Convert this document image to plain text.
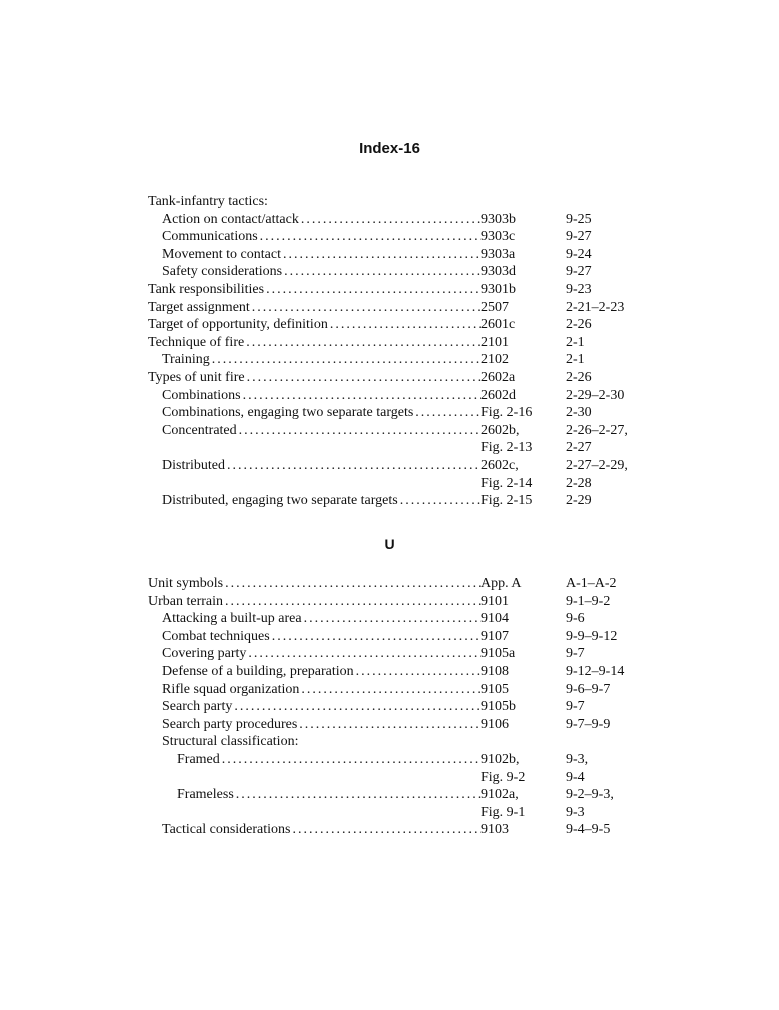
Index-16
Tank-infantry tactics:
Action on contact/attack .....	9303b	9-25
Communications .....	9303c	9-27
Movement to contact .....	9303a	9-24
Safety considerations .....	9303d	9-27
Tank responsibilities .....	9301b	9-23
Target assignment .....	2507	2-21–2-23
Target of opportunity, definition .....	2601c	2-26
Technique of fire .....	2101	2-1
Training .....	2102	2-1
Types of unit fire .....	2602a	2-26
Combinations .....	2602d	2-29–2-30
Combinations, engaging two separate targets .....	Fig. 2-16 2-30
Concentrated .....	2602b,	2-26–2-27,
Fig. 2-13 2-27
Distributed .....	2602c,	2-27–2-29,
Fig. 2-14 2-28
Distributed, engaging two separate targets .....	Fig. 2-15 2-29
U
Unit symbols .....	App. A	A-1–A-2
Urban terrain .....	9101	9-1–9-2
Attacking a built-up area .....	9104	9-6
Combat techniques .....	9107	9-9–9-12
Covering party .....	9105a	9-7
Defense of a building, preparation .....	9108	9-12–9-14
Rifle squad organization .....	9105	9-6–9-7
Search party .....	9105b	9-7
Search party procedures .....	9106	9-7–9-9
Structural classification:
Framed .....	9102b,	9-3,
Fig. 9-2	9-4
Frameless .....	9102a,	9-2–9-3,
Fig. 9-1	9-3
Tactical considerations .....	9103	9-4–9-5
